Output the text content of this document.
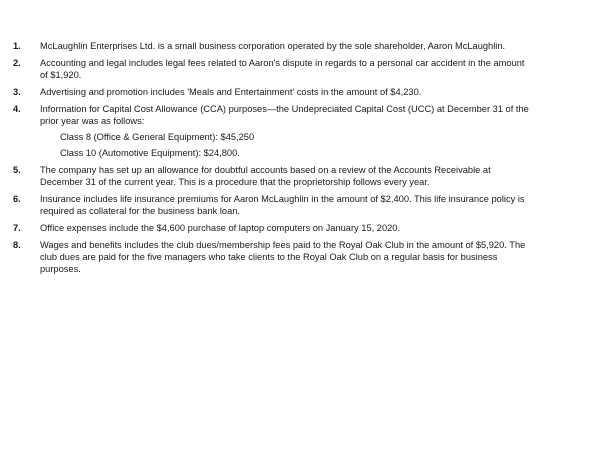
1. McLaughlin Enterprises Ltd. is a small business corporation operated by the sole shareholder, Aaron McLaughlin.
2. Accounting and legal includes legal fees related to Aaron's dispute in regards to a personal car accident in the amount of $1,920.
3. Advertising and promotion includes 'Meals and Entertainment' costs in the amount of $4,230.
4. Information for Capital Cost Allowance (CCA) purposes—the Undepreciated Capital Cost (UCC) at December 31 of the prior year was as follows:
Class 8 (Office & General Equipment): $45,250
Class 10 (Automotive Equipment): $24,800.
5. The company has set up an allowance for doubtful accounts based on a review of the Accounts Receivable at December 31 of the current year. This is a procedure that the proprietorship follows every year.
6. Insurance includes life insurance premiums for Aaron McLaughlin in the amount of $2,400. This life insurance policy is required as collateral for the business bank loan.
7. Office expenses include the $4,600 purchase of laptop computers on January 15, 2020.
8. Wages and benefits includes the club dues/membership fees paid to the Royal Oak Club in the amount of $5,920. The club dues are paid for the five managers who take clients to the Royal Oak Club on a regular basis for business purposes.
